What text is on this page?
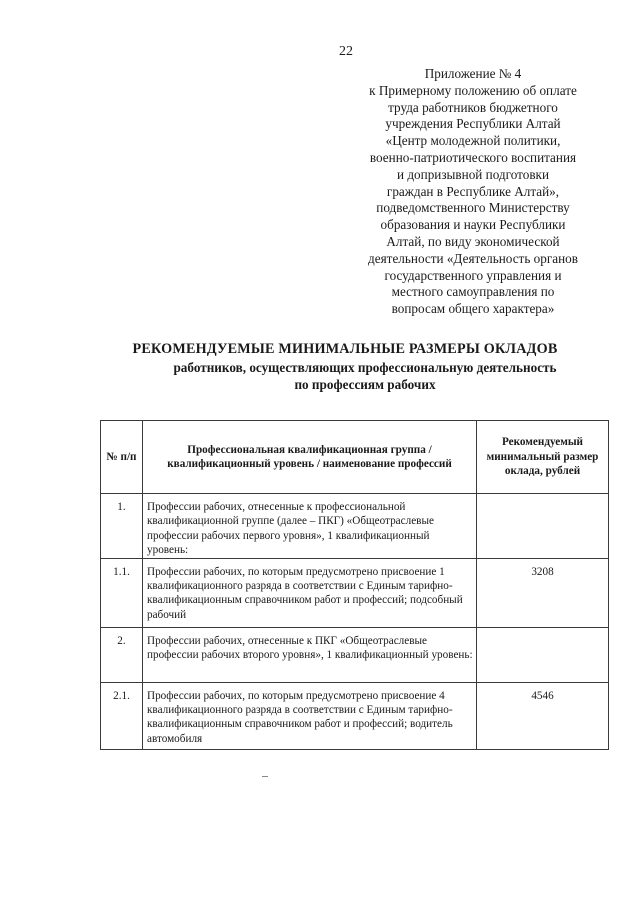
22
Приложение № 4
к Примерному положению об оплате
труда работников бюджетного
учреждения Республики Алтай
«Центр молодежной политики,
военно-патриотического воспитания
и допризывной подготовки
граждан в Республике Алтай»,
подведомственного Министерству
образования и науки Республики
Алтай, по виду экономической
деятельности «Деятельность органов
государственного управления и
местного самоуправления по
вопросам общего характера»
РЕКОМЕНДУЕМЫЕ МИНИМАЛЬНЫЕ РАЗМЕРЫ ОКЛАДОВ
работников, осуществляющих профессиональную деятельность
по профессиям рабочих
№ п/п	Профессиональная квалификационная группа / квалификационный уровень / наименование профессий	Рекомендуемый минимальный размер оклада, рублей
1.	Профессии рабочих, отнесенные к профессиональной квалификационной группе (далее – ПКГ) «Общеотраслевые профессии рабочих первого уровня», 1 квалификационный уровень:	
1.1.	Профессии рабочих, по которым предусмотрено присвоение 1 квалификационного разряда в соответствии с Единым тарифно-квалификационным справочником работ и профессий; подсобный рабочий	3208
2.	Профессии рабочих, отнесенные к ПКГ «Общеотраслевые профессии рабочих второго уровня», 1 квалификационный уровень:	
2.1.	Профессии рабочих, по которым предусмотрено присвоение 4 квалификационного разряда в соответствии с Единым тарифно-квалификационным справочником работ и профессий; водитель автомобиля	4546
